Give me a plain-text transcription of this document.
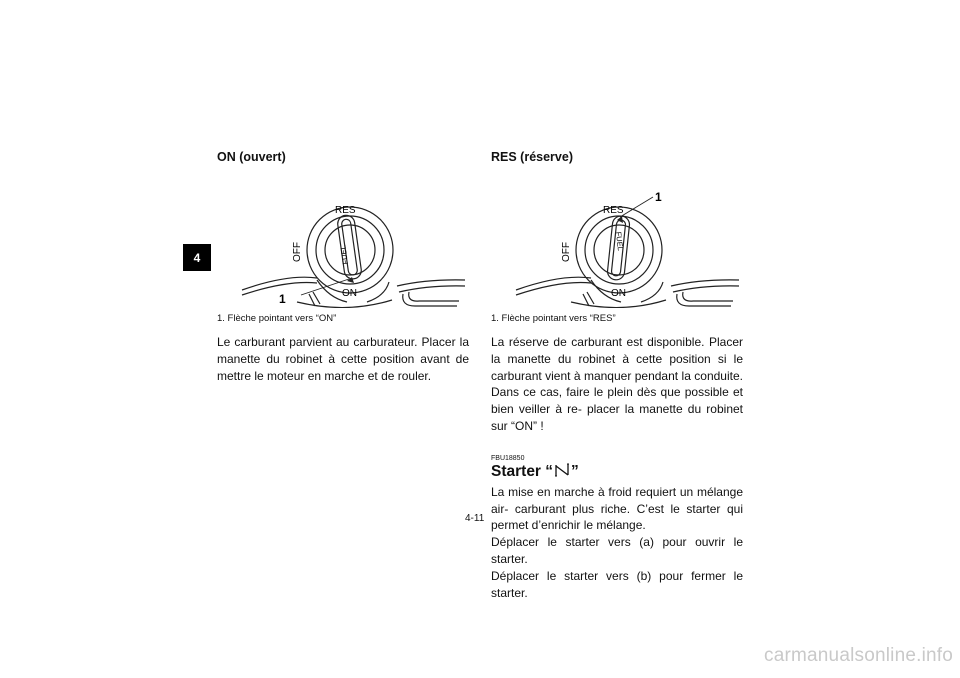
4
ON (ouvert)
RES
ON
OFF	FUEL
1
1. Flèche pointant vers “ON”
Le carburant parvient au carburateur. Placer la manette du robinet à cette position avant de mettre le moteur en marche et de rouler.
RES (réserve)
RES
ON
OFF
FUEL
1
1. Flèche pointant vers “RES”
La réserve de carburant est disponible. Placer la manette du robinet à cette position si le carburant vient à manquer pendant la conduite. Dans ce cas, faire le plein dès que possible et bien veiller à re- placer la manette du robinet sur “ON” !
FBU18850
Starter “ ”
La mise en marche à froid requiert un mélange air- carburant plus riche. C’est le starter qui permet d’enrichir le mélange.
Déplacer le starter vers (a) pour ouvrir le starter.
Déplacer le starter vers (b) pour fermer le starter.
4-11
carmanualsonline.info
